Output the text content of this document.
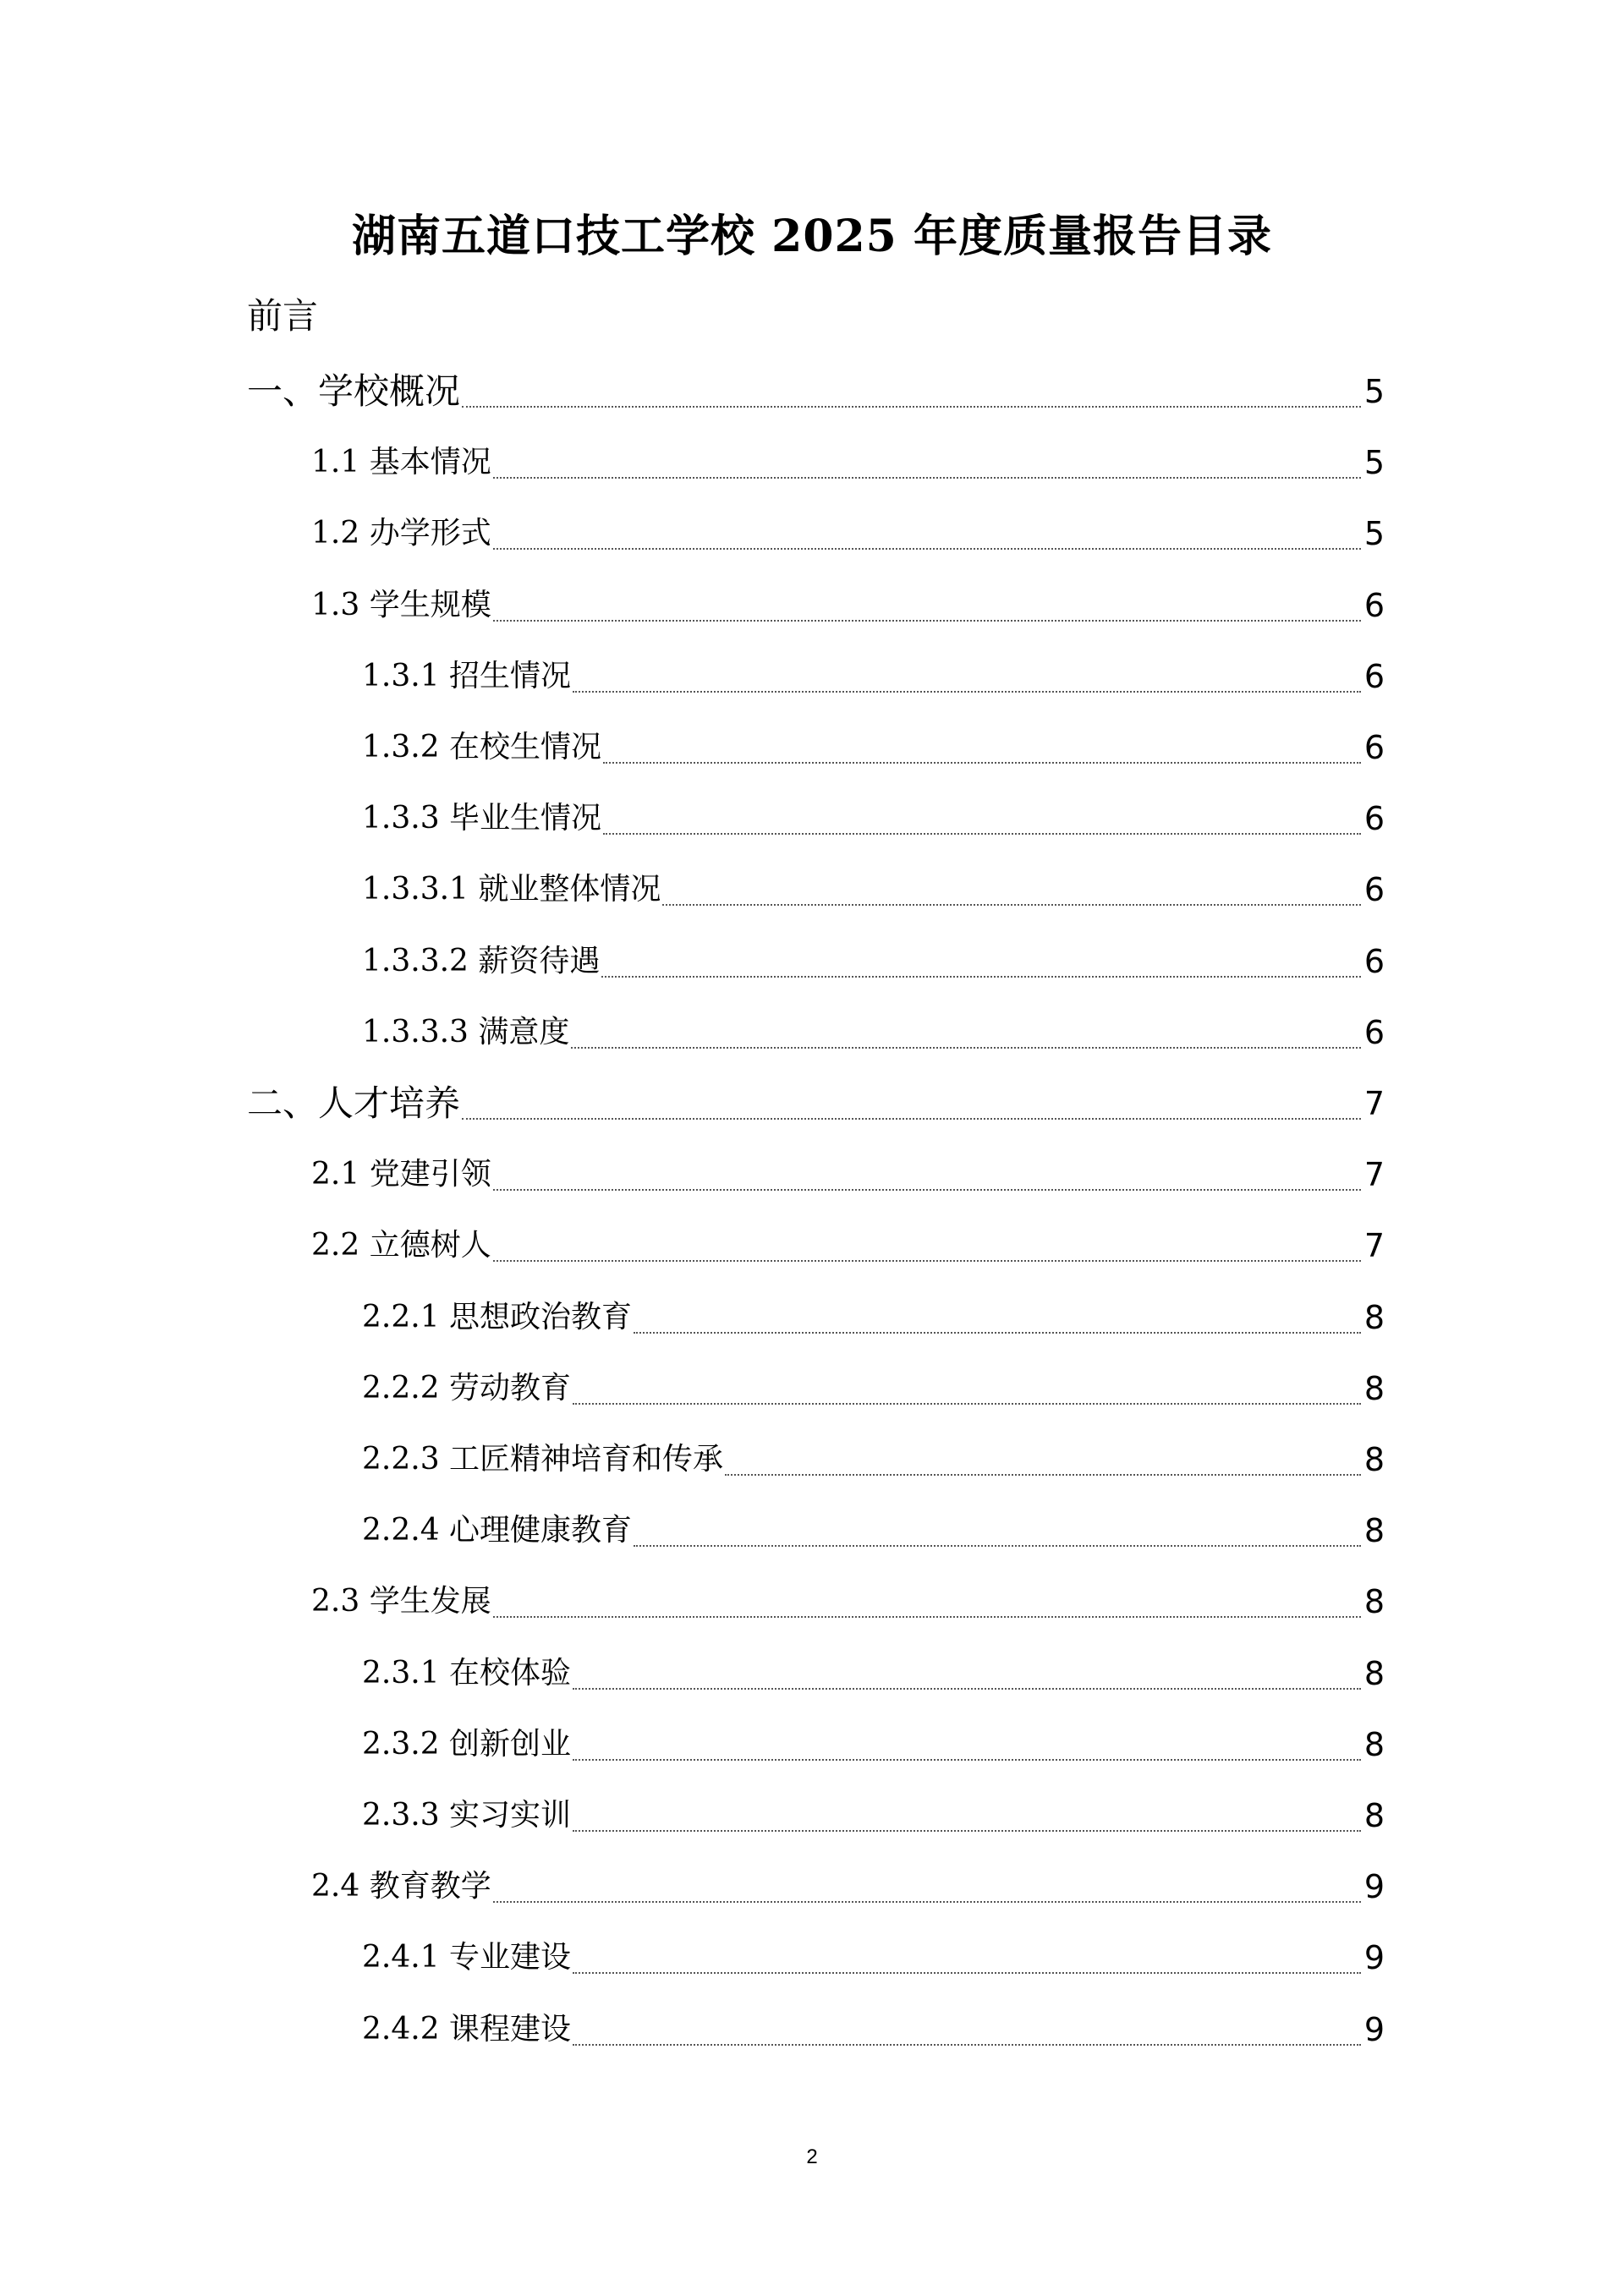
湖南五道口技工学校 2025 年度质量报告目录
前言
一、学校概况	5
1.1 基本情况	5
1.2 办学形式	5
1.3 学生规模	6
1.3.1 招生情况	6
1.3.2 在校生情况	6
1.3.3 毕业生情况	6
1.3.3.1 就业整体情况	6
1.3.3.2 薪资待遇	6
1.3.3.3 满意度	6
二、人才培养	7
2.1 党建引领	7
2.2 立德树人	7
2.2.1 思想政治教育	8
2.2.2 劳动教育	8
2.2.3 工匠精神培育和传承	8
2.2.4 心理健康教育	8
2.3 学生发展	8
2.3.1 在校体验	8
2.3.2 创新创业	8
2.3.3 实习实训	8
2.4 教育教学	9
2.4.1 专业建设	9
2.4.2 课程建设	9
2
